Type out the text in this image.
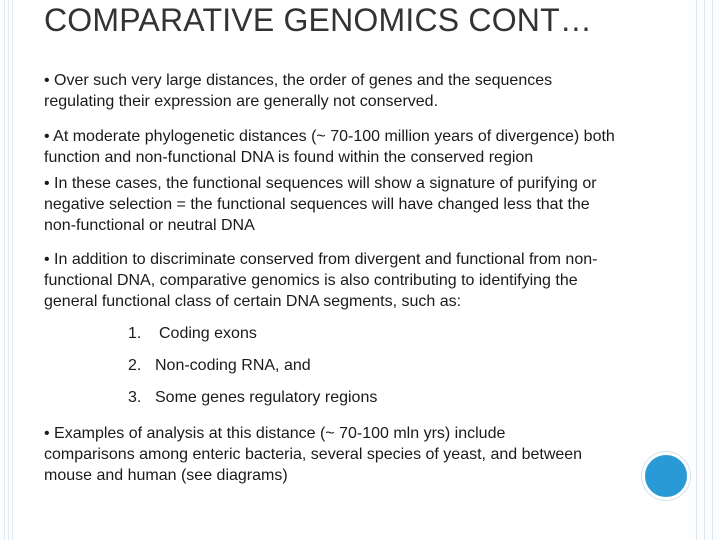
COMPARATIVE GENOMICS CONT…

• Over such very large distances, the order of genes and the sequences
regulating their expression are generally not conserved.

• At moderate phylogenetic distances (~ 70-100 million years of divergence) both
function and non-functional DNA is found within the conserved region

• In these cases, the functional sequences will show a signature of purifying or
negative selection = the functional sequences will have changed less that the
non-functional or neutral DNA

• In addition to discriminate conserved from divergent and functional from non-
functional DNA, comparative genomics is also contributing to identifying the
general functional class of certain DNA segments, such as:

1. Coding exons
2. Non-coding RNA, and
3. Some genes regulatory regions

• Examples of analysis at this distance (~ 70-100 mln yrs) include
comparisons among enteric bacteria, several species of yeast, and between
mouse and human (see diagrams)
